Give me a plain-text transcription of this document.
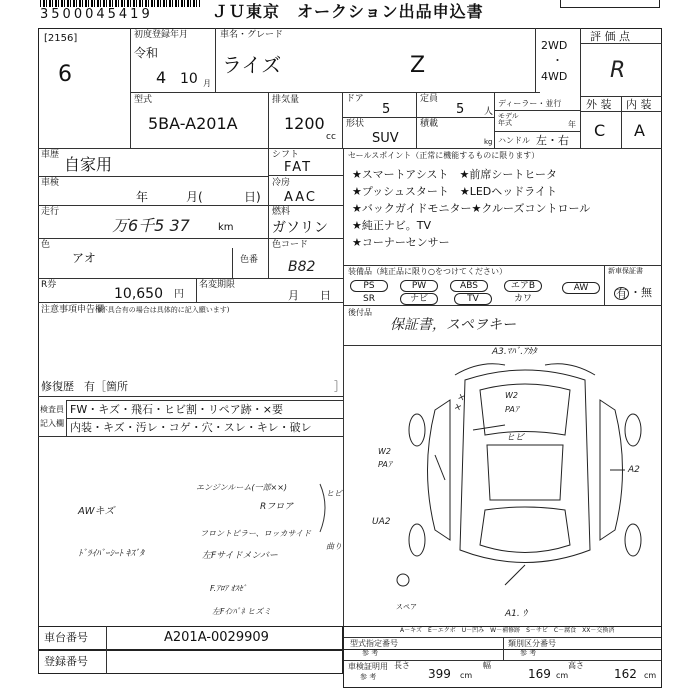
3500045419	ＪＵ東京　オークション出品申込書
[2156]
6
初度登録年月
令和
4 10 月
車名・グレード
ライズ	Z
2WD
・
4WD
評 価 点
R
外 装 内 装
C A
型式
5BA-A201A
排気量
1200
cc
ドア
5
定員
5 人
形状
SUV
積載
kg
ディーラー・並行
モデル年式	年
ハンドル 左・右
車歴 自家用	シフト
FAT
車検
年	月(	日)
冷房
AAC
走行
万6千5 37	km
燃料
ガソリン
色
アオ	色番
色コード
B82
R券
10,650 円
名変期限
月 日
注意事項申告欄
(不具合有の場合は具体的に記入願います)
修復歴 有［箇所	］
検査員
記入欄
FW・キズ・飛石・ヒビ割・リペア跡・×要
内装・キズ・汚レ・コゲ・穴・スレ・キレ・破レ
AWキズ
ﾄﾞﾗｲﾊﾞｰｼｰﾄ ｷｽﾞﾀ
エンジンルーム(一部××)
Rフロア
ヒビ
フロントピラー、ロッカサイド
左Fサイドメンバー
曲り
F.ｱﾛｱ ｵｽｾﾞ
左Fｲﾝﾊﾟﾈ ヒズミ
セールスポイント（正常に機能するものに限ります）
★スマートアシスト　★前席シートヒータ
★プッシュスタート　★LEDヘッドライト
★バックガイドモニター★クルーズコントロール
★純正ナビ。TV
★コーナーセンサー
装備品（純正品に限り○をつけてください）
PS	PW	ABS	エアB	AW
SR	ナビ	TV	カワ
新車保証書
有 ・無
後付品
保証書，スペヲキー
A3.ﾏﾊﾞ.ｱｶﾀ
W2
PAｱ
ヒビ
W2
PAｱ
UA2
A2
× ×
A1. ｳ
スペア
A－キズ　E－エクボ　U－凹み　W－補修跡　S－サビ　C－腐食　XX－交換済
型式指定番号
参 考
類別区分番号
参 考
車検証明用
参 考
長さ
399 cm
幅
169 cm
高さ
162 cm
車台番号	A201A-0029909
登録番号
